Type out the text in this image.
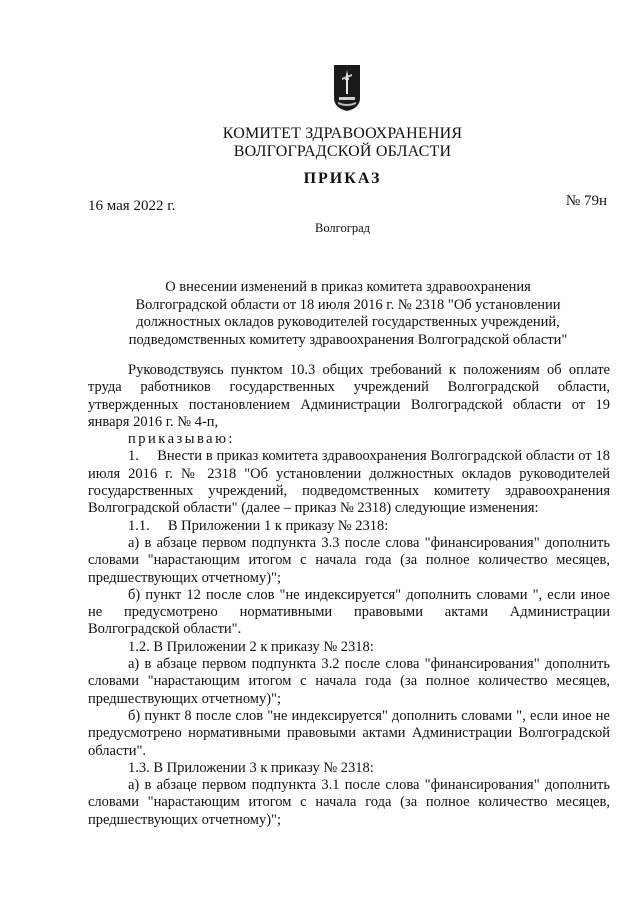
КОМИТЕТ ЗДРАВООХРАНЕНИЯ
ВОЛГОГРАДСКОЙ ОБЛАСТИ
ПРИКАЗ
16 мая 2022 г.	№ 79н
Волгоград
О внесении изменений в приказ комитета здравоохранения
Волгоградской области от 18 июля 2016 г. № 2318 "Об установлении
должностных окладов руководителей государственных учреждений,
подведомственных комитету здравоохранения Волгоградской области"

Руководствуясь пунктом 10.3 общих требований к положениям об оплате труда работников государственных учреждений Волгоградской области, утвержденных постановлением Администрации Волгоградской области от 19 января 2016 г. № 4-п,

приказываю:

1.  Внести в приказ комитета здравоохранения Волгоградской области от 18 июля 2016 г. № 2318 "Об установлении должностных окладов руководителей государственных учреждений, подведомственных комитету здравоохранения Волгоградской области" (далее – приказ № 2318) следующие изменения:

1.1.  В Приложении 1 к приказу № 2318:

а) в абзаце первом подпункта 3.3 после слова "финансирования" дополнить словами "нарастающим итогом с начала года (за полное количество месяцев, предшествующих отчетному)";

б) пункт 12 после слов "не индексируется" дополнить словами ", если иное не предусмотрено нормативными правовыми актами Администрации Волгоградской области".

1.2. В Приложении 2 к приказу № 2318:

а) в абзаце первом подпункта 3.2 после слова "финансирования" дополнить словами "нарастающим итогом с начала года (за полное количество месяцев, предшествующих отчетному)";

б) пункт 8 после слов "не индексируется" дополнить словами ", если иное не предусмотрено нормативными правовыми актами Администрации Волгоградской области".

1.3. В Приложении 3 к приказу № 2318:

а) в абзаце первом подпункта 3.1 после слова "финансирования" дополнить словами "нарастающим итогом с начала года (за полное количество месяцев, предшествующих отчетному)";
